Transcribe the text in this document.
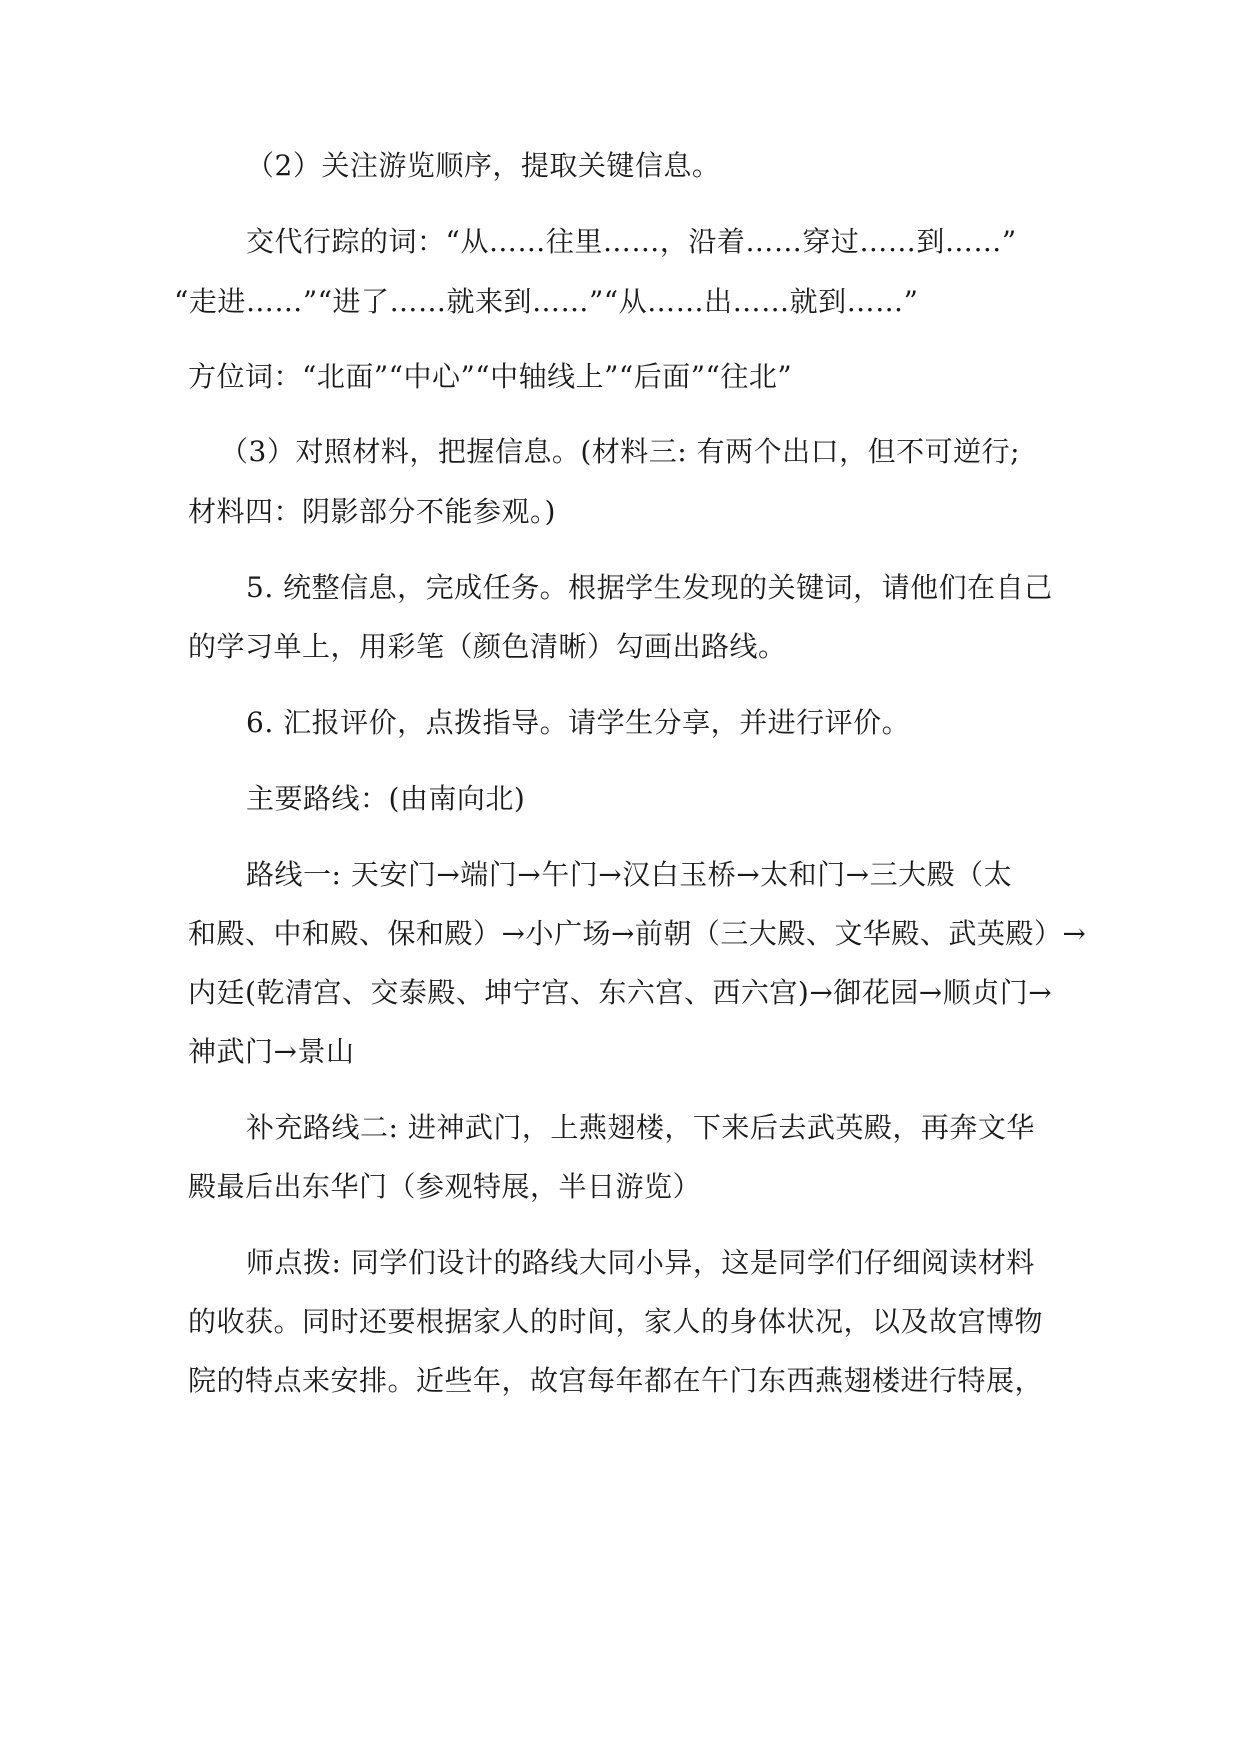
（2）关注游览顺序，提取关键信息。
交代行踪的词：“从……往里……，沿着……穿过……到……”
“走进……”“进了……就来到……”“从……出……就到……”
方位词：“北面”“中心”“中轴线上”“后面”“往北”
（3）对照材料，把握信息。(材料三: 有两个出口，但不可逆行;
材料四：阴影部分不能参观。)
5. 统整信息，完成任务。根据学生发现的关键词，请他们在自己
的学习单上，用彩笔（颜色清晰）勾画出路线。
6. 汇报评价，点拨指导。请学生分享，并进行评价。
主要路线：(由南向北)
路线一: 天安门→端门→午门→汉白玉桥→太和门→三大殿（太
和殿、中和殿、保和殿）→小广场→前朝（三大殿、文华殿、武英殿）→
内廷(乾清宫、交泰殿、坤宁宫、东六宫、西六宫)→御花园→顺贞门→
神武门→景山
补充路线二: 进神武门，上燕翅楼，下来后去武英殿，再奔文华
殿最后出东华门（参观特展，半日游览）
师点拨: 同学们设计的路线大同小异，这是同学们仔细阅读材料
的收获。同时还要根据家人的时间，家人的身体状况，以及故宫博物
院的特点来安排。近些年，故宫每年都在午门东西燕翅楼进行特展，
